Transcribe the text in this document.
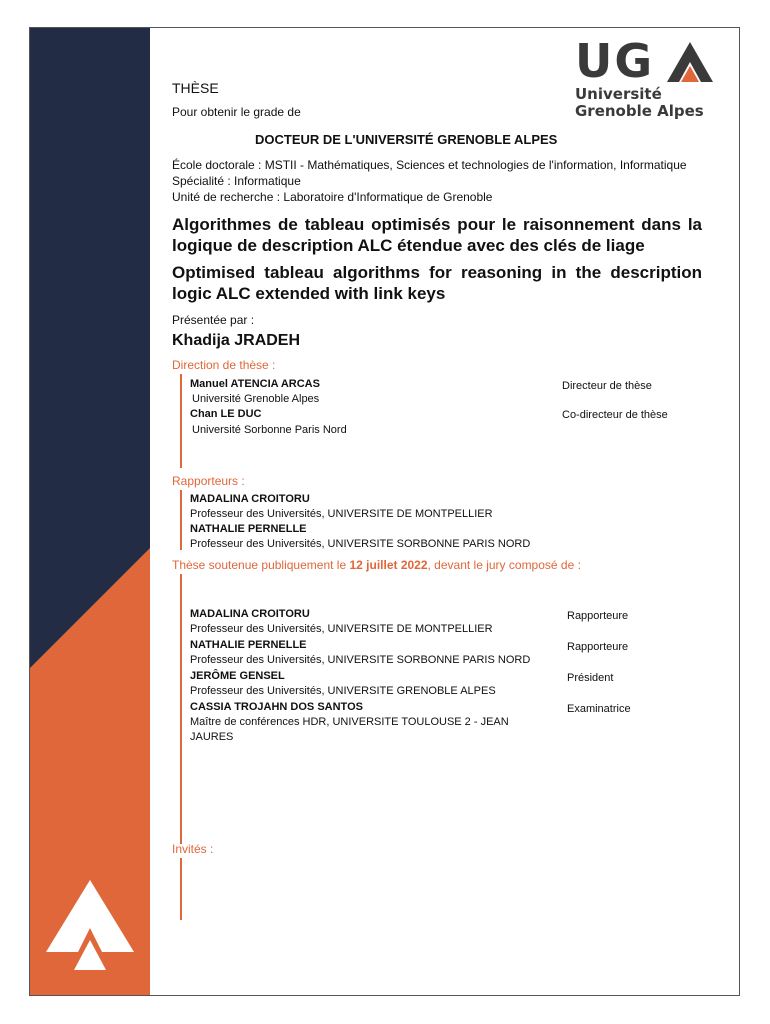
UG
Université
Grenoble Alpes
THÈSE
Pour obtenir le grade de
DOCTEUR DE L'UNIVERSITÉ GRENOBLE ALPES
École doctorale : MSTII - Mathématiques, Sciences et technologies de l'information, Informatique
Spécialité : Informatique
Unité de recherche : Laboratoire d'Informatique de Grenoble
Algorithmes de tableau optimisés pour le raisonnement dans la logique de description ALC étendue avec des clés de liage
Optimised tableau algorithms for reasoning in the description logic ALC extended with link keys
Présentée par :
Khadija JRADEH
Direction de thèse :
Manuel ATENCIA ARCAS
Université Grenoble Alpes
Directeur de thèse
Chan LE DUC
Université Sorbonne Paris Nord
Co-directeur de thèse
Rapporteurs :
MADALINA CROITORU
Professeur des Universités, UNIVERSITE DE MONTPELLIER
NATHALIE PERNELLE
Professeur des Universités, UNIVERSITE SORBONNE PARIS NORD
Thèse soutenue publiquement le 12 juillet 2022, devant le jury composé de :
MADALINA CROITORU
Professeur des Universités, UNIVERSITE DE MONTPELLIER
Rapporteure
NATHALIE PERNELLE
Professeur des Universités, UNIVERSITE SORBONNE PARIS NORD
Rapporteure
JERÔME GENSEL
Professeur des Universités, UNIVERSITE GRENOBLE ALPES
Président
CASSIA TROJAHN DOS SANTOS
Maître de conférences HDR, UNIVERSITE TOULOUSE 2 - JEAN
JAURES
Examinatrice
Invités :
